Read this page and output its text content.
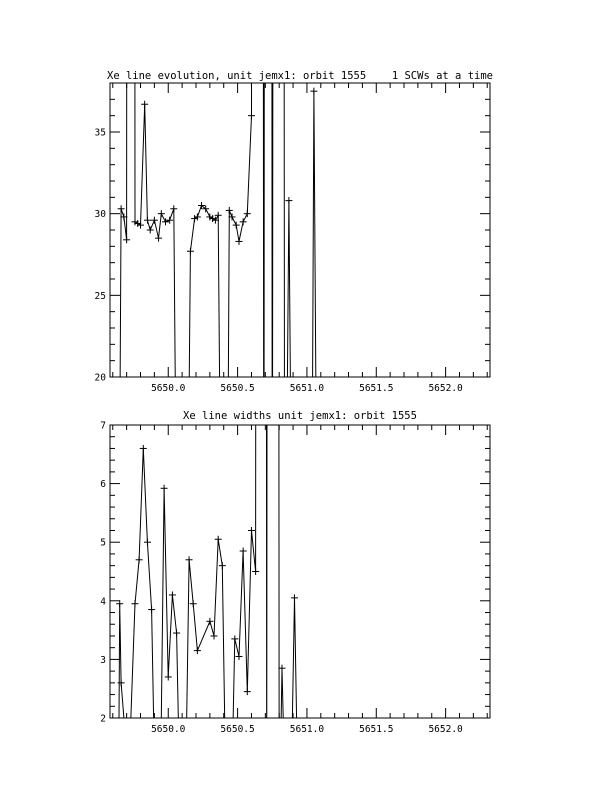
Xe line evolution, unit jemx1: orbit 1555 1 SCWs at a time
5650.0	5650.5	5651.0	5651.5	5652.0
20
25
30
35
Xe line widths unit jemx1: orbit 1555
5650.0	5650.5	5651.0	5651.5	5652.0
2
3
4
5
6
7
